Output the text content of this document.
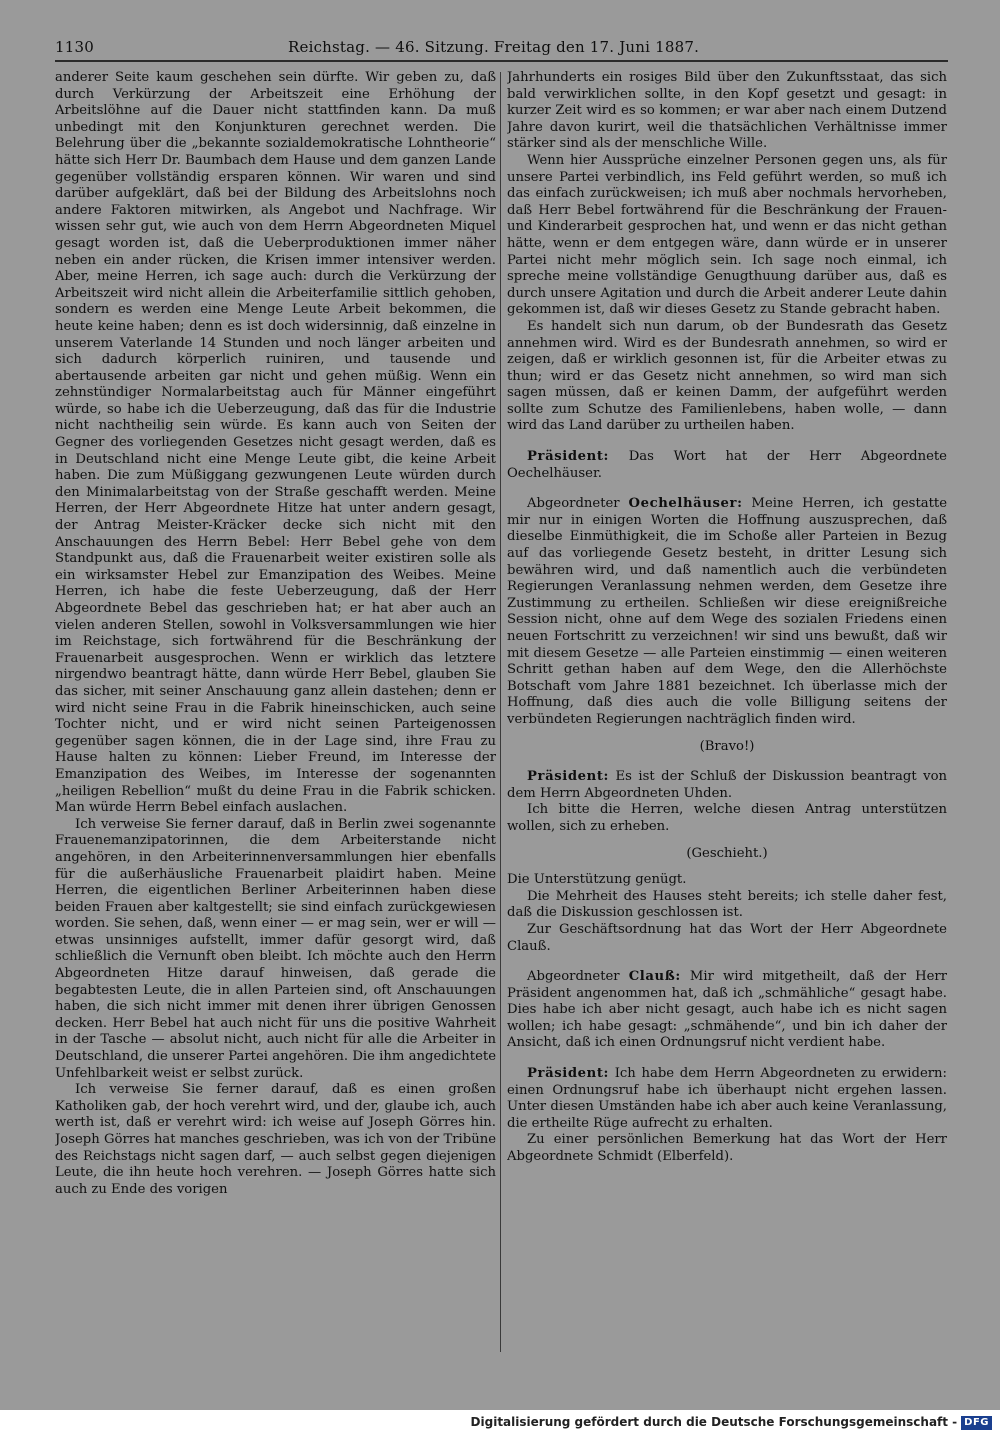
1130	Reichstag. — 46. Sitzung. Freitag den 17. Juni 1887.

anderer Seite kaum geschehen sein dürfte. Wir geben zu, daß durch Verkürzung der Arbeitszeit eine Erhöhung der Arbeitslöhne auf die Dauer nicht stattfinden kann. Da muß unbedingt mit den Konjunkturen gerechnet werden. Die Belehrung über die „bekannte sozialdemokratische Lohntheorie“ hätte sich Herr Dr. Baumbach dem Hause und dem ganzen Lande gegenüber vollständig ersparen können. Wir waren und sind darüber aufgeklärt, daß bei der Bildung des Arbeitslohns noch andere Faktoren mitwirken, als Angebot und Nachfrage. Wir wissen sehr gut, wie auch von dem Herrn Abgeordneten Miquel gesagt worden ist, daß die Ueberproduktionen immer näher neben ein ander rücken, die Krisen immer intensiver werden. Aber, meine Herren, ich sage auch: durch die Verkürzung der Arbeitszeit wird nicht allein die Arbeiterfamilie sittlich gehoben, sondern es werden eine Menge Leute Arbeit bekommen, die heute keine haben; denn es ist doch widersinnig, daß einzelne in unserem Vaterlande 14 Stunden und noch länger arbeiten und sich dadurch körperlich ruiniren, und tausende und abertausende arbeiten gar nicht und gehen müßig. Wenn ein zehnstündiger Normalarbeitstag auch für Männer eingeführt würde, so habe ich die Ueberzeugung, daß das für die Industrie nicht nachtheilig sein würde. Es kann auch von Seiten der Gegner des vorliegenden Gesetzes nicht gesagt werden, daß es in Deutschland nicht eine Menge Leute gibt, die keine Arbeit haben. Die zum Müßiggang gezwungenen Leute würden durch den Minimalarbeitstag von der Straße geschafft werden. Meine Herren, der Herr Abgeordnete Hitze hat unter andern gesagt, der Antrag Meister-Kräcker decke sich nicht mit den Anschauungen des Herrn Bebel: Herr Bebel gehe von dem Standpunkt aus, daß die Frauenarbeit weiter existiren solle als ein wirksamster Hebel zur Emanzipation des Weibes. Meine Herren, ich habe die feste Ueberzeugung, daß der Herr Abgeordnete Bebel das geschrieben hat; er hat aber auch an vielen anderen Stellen, sowohl in Volksversammlungen wie hier im Reichstage, sich fortwährend für die Beschränkung der Frauenarbeit ausgesprochen. Wenn er wirklich das letztere nirgendwo beantragt hätte, dann würde Herr Bebel, glauben Sie das sicher, mit seiner Anschauung ganz allein dastehen; denn er wird nicht seine Frau in die Fabrik hineinschicken, auch seine Tochter nicht, und er wird nicht seinen Parteigenossen gegenüber sagen können, die in der Lage sind, ihre Frau zu Hause halten zu können: Lieber Freund, im Interesse der Emanzipation des Weibes, im Interesse der sogenannten „heiligen Rebellion“ mußt du deine Frau in die Fabrik schicken. Man würde Herrn Bebel einfach auslachen.

Ich verweise Sie ferner darauf, daß in Berlin zwei sogenannte Frauenemanzipatorinnen, die dem Arbeiterstande nicht angehören, in den Arbeiterinnenversammlungen hier ebenfalls für die außerhäusliche Frauenarbeit plaidirt haben. Meine Herren, die eigentlichen Berliner Arbeiterinnen haben diese beiden Frauen aber kaltgestellt; sie sind einfach zurückgewiesen worden. Sie sehen, daß, wenn einer — er mag sein, wer er will — etwas unsinniges aufstellt, immer dafür gesorgt wird, daß schließlich die Vernunft oben bleibt. Ich möchte auch den Herrn Abgeordneten Hitze darauf hinweisen, daß gerade die begabtesten Leute, die in allen Parteien sind, oft Anschauungen haben, die sich nicht immer mit denen ihrer übrigen Genossen decken. Herr Bebel hat auch nicht für uns die positive Wahrheit in der Tasche — absolut nicht, auch nicht für alle die Arbeiter in Deutschland, die unserer Partei angehören. Die ihm angedichtete Unfehlbarkeit weist er selbst zurück.

Ich verweise Sie ferner darauf, daß es einen großen Katholiken gab, der hoch verehrt wird, und der, glaube ich, auch werth ist, daß er verehrt wird: ich weise auf Joseph Görres hin. Joseph Görres hat manches geschrieben, was ich von der Tribüne des Reichstags nicht sagen darf, — auch selbst gegen diejenigen Leute, die ihn heute hoch verehren. — Joseph Görres hatte sich auch zu Ende des vorigen

Jahrhunderts ein rosiges Bild über den Zukunftsstaat, das sich bald verwirklichen sollte, in den Kopf gesetzt und gesagt: in kurzer Zeit wird es so kommen; er war aber nach einem Dutzend Jahre davon kurirt, weil die thatsächlichen Verhältnisse immer stärker sind als der menschliche Wille.

Wenn hier Aussprüche einzelner Personen gegen uns, als für unsere Partei verbindlich, ins Feld geführt werden, so muß ich das einfach zurückweisen; ich muß aber nochmals hervorheben, daß Herr Bebel fortwährend für die Beschränkung der Frauen- und Kinderarbeit gesprochen hat, und wenn er das nicht gethan hätte, wenn er dem entgegen wäre, dann würde er in unserer Partei nicht mehr möglich sein. Ich sage noch einmal, ich spreche meine vollständige Genugthuung darüber aus, daß es durch unsere Agitation und durch die Arbeit anderer Leute dahin gekommen ist, daß wir dieses Gesetz zu Stande gebracht haben.

Es handelt sich nun darum, ob der Bundesrath das Gesetz annehmen wird. Wird es der Bundesrath annehmen, so wird er zeigen, daß er wirklich gesonnen ist, für die Arbeiter etwas zu thun; wird er das Gesetz nicht annehmen, so wird man sich sagen müssen, daß er keinen Damm, der aufgeführt werden sollte zum Schutze des Familienlebens, haben wolle, — dann wird das Land darüber zu urtheilen haben.

Präsident: Das Wort hat der Herr Abgeordnete Oechelhäuser.

Abgeordneter Oechelhäuser: Meine Herren, ich gestatte mir nur in einigen Worten die Hoffnung auszusprechen, daß dieselbe Einmüthigkeit, die im Schoße aller Parteien in Bezug auf das vorliegende Gesetz besteht, in dritter Lesung sich bewähren wird, und daß namentlich auch die verbündeten Regierungen Veranlassung nehmen werden, dem Gesetze ihre Zustimmung zu ertheilen. Schließen wir diese ereignißreiche Session nicht, ohne auf dem Wege des sozialen Friedens einen neuen Fortschritt zu verzeichnen! wir sind uns bewußt, daß wir mit diesem Gesetze — alle Parteien einstimmig — einen weiteren Schritt gethan haben auf dem Wege, den die Allerhöchste Botschaft vom Jahre 1881 bezeichnet. Ich überlasse mich der Hoffnung, daß dies auch die volle Billigung seitens der verbündeten Regierungen nachträglich finden wird.

(Bravo!)

Präsident: Es ist der Schluß der Diskussion beantragt von dem Herrn Abgeordneten Uhden.

Ich bitte die Herren, welche diesen Antrag unterstützen wollen, sich zu erheben.

(Geschieht.)

Die Unterstützung genügt.

Die Mehrheit des Hauses steht bereits; ich stelle daher fest, daß die Diskussion geschlossen ist.

Zur Geschäftsordnung hat das Wort der Herr Abgeordnete Clauß.

Abgeordneter Clauß: Mir wird mitgetheilt, daß der Herr Präsident angenommen hat, daß ich „schmähliche“ gesagt habe. Dies habe ich aber nicht gesagt, auch habe ich es nicht sagen wollen; ich habe gesagt: „schmähende“, und bin ich daher der Ansicht, daß ich einen Ordnungsruf nicht verdient habe.

Präsident: Ich habe dem Herrn Abgeordneten zu erwidern: einen Ordnungsruf habe ich überhaupt nicht ergehen lassen. Unter diesen Umständen habe ich aber auch keine Veranlassung, die ertheilte Rüge aufrecht zu erhalten.

Zu einer persönlichen Bemerkung hat das Wort der Herr Abgeordnete Schmidt (Elberfeld).

Digitalisierung gefördert durch die Deutsche Forschungsgemeinschaft - DFG
